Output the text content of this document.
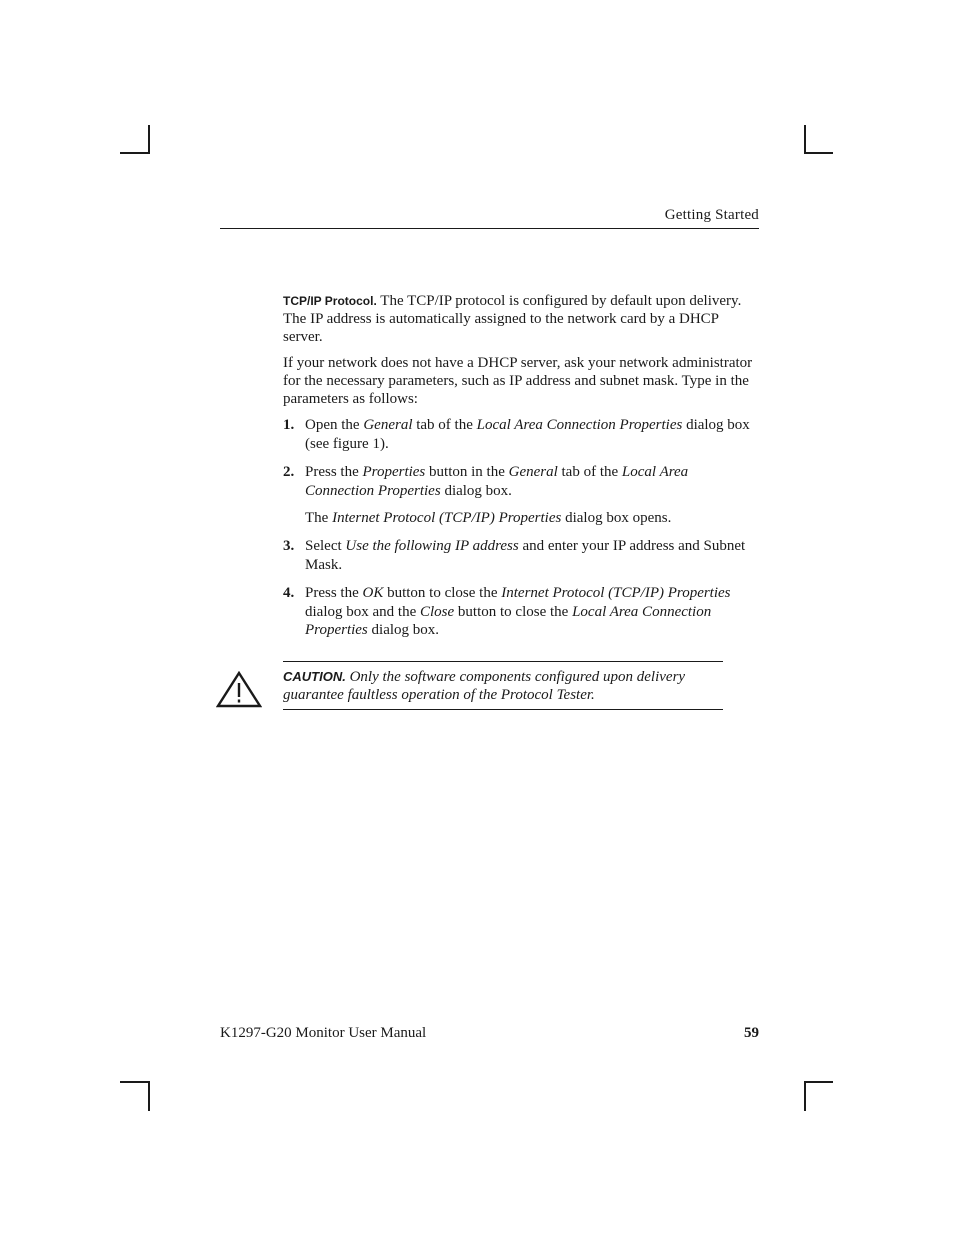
Getting Started

TCP/IP Protocol. The TCP/IP protocol is configured by default upon delivery. The IP address is automatically assigned to the network card by a DHCP server.

If your network does not have a DHCP server, ask your network administrator for the necessary parameters, such as IP address and subnet mask. Type in the parameters as follows:

1. Open the General tab of the Local Area Connection Properties dialog box (see figure 1).
2. Press the Properties button in the General tab of the Local Area Connection Properties dialog box.
The Internet Protocol (TCP/IP) Properties dialog box opens.
3. Select Use the following IP address and enter your IP address and Subnet Mask.
4. Press the OK button to close the Internet Protocol (TCP/IP) Properties dialog box and the Close button to close the Local Area Connection Properties dialog box.
CAUTION. Only the software components configured upon delivery guarantee faultless operation of the Protocol Tester.
K1297-G20 Monitor User Manual	59
